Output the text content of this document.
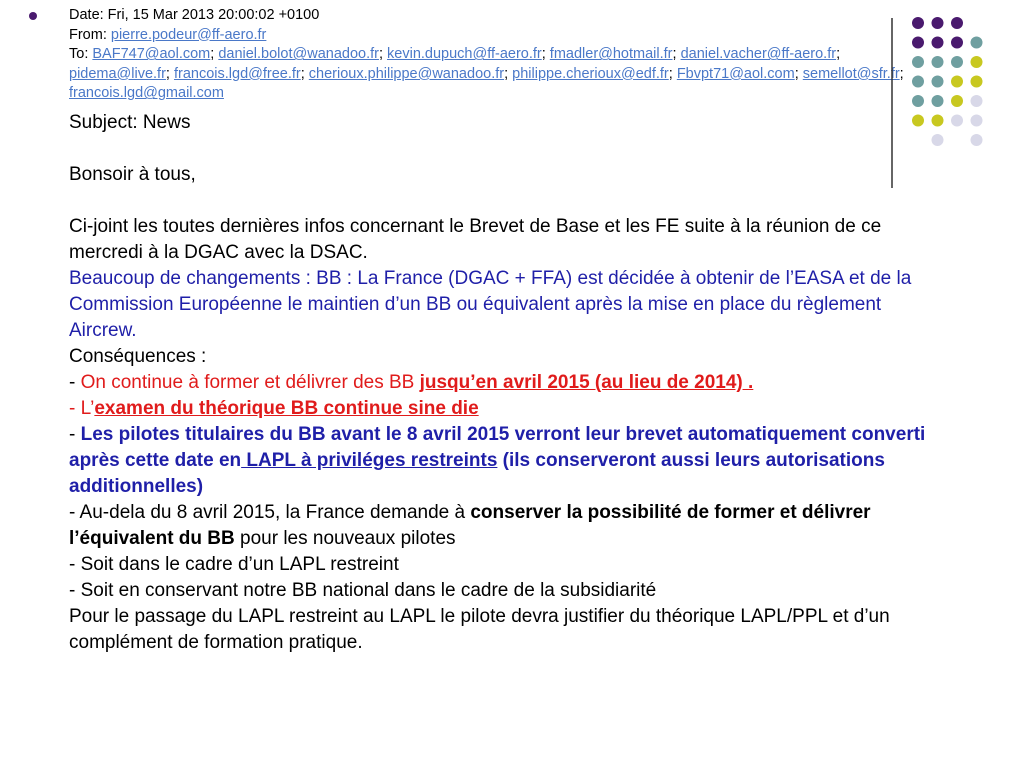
Date: Fri, 15 Mar 2013 20:00:02 +0100
From: pierre.podeur@ff-aero.fr
To: BAF747@aol.com; daniel.bolot@wanadoo.fr; kevin.dupuch@ff-aero.fr; fmadler@hotmail.fr; daniel.vacher@ff-aero.fr; pidema@live.fr; francois.lgd@free.fr; cherioux.philippe@wanadoo.fr; philippe.cherioux@edf.fr; Fbvpt71@aol.com; semellot@sfr.fr; francois.lgd@gmail.com
Subject: News
Bonsoir à tous,
Ci-joint les toutes dernières infos concernant le Brevet de Base et les FE suite à la réunion de ce mercredi à la DGAC avec la DSAC.
Beaucoup de changements : BB : La France (DGAC + FFA) est décidée à obtenir de l’EASA et de la Commission Européenne le maintien d’un BB ou équivalent après la mise en place du règlement Aircrew.
Conséquences :
- On continue à former et délivrer des BB jusqu’en avril 2015 (au lieu de 2014) .
- L’examen du théorique BB continue sine die
- Les pilotes titulaires du BB avant le 8 avril 2015 verront leur brevet automatiquement converti après cette date en LAPL à priviléges restreints (ils conserveront aussi leurs autorisations additionnelles)
- Au-dela du 8 avril 2015, la France demande à conserver la possibilité de former et délivrer l’équivalent du BB pour les nouveaux pilotes
- Soit dans le cadre d’un LAPL restreint
- Soit en conservant notre BB national dans le cadre de la subsidiarité
Pour le passage du LAPL restreint au LAPL le pilote devra justifier du théorique LAPL/PPL et d’un complément de formation pratique.
